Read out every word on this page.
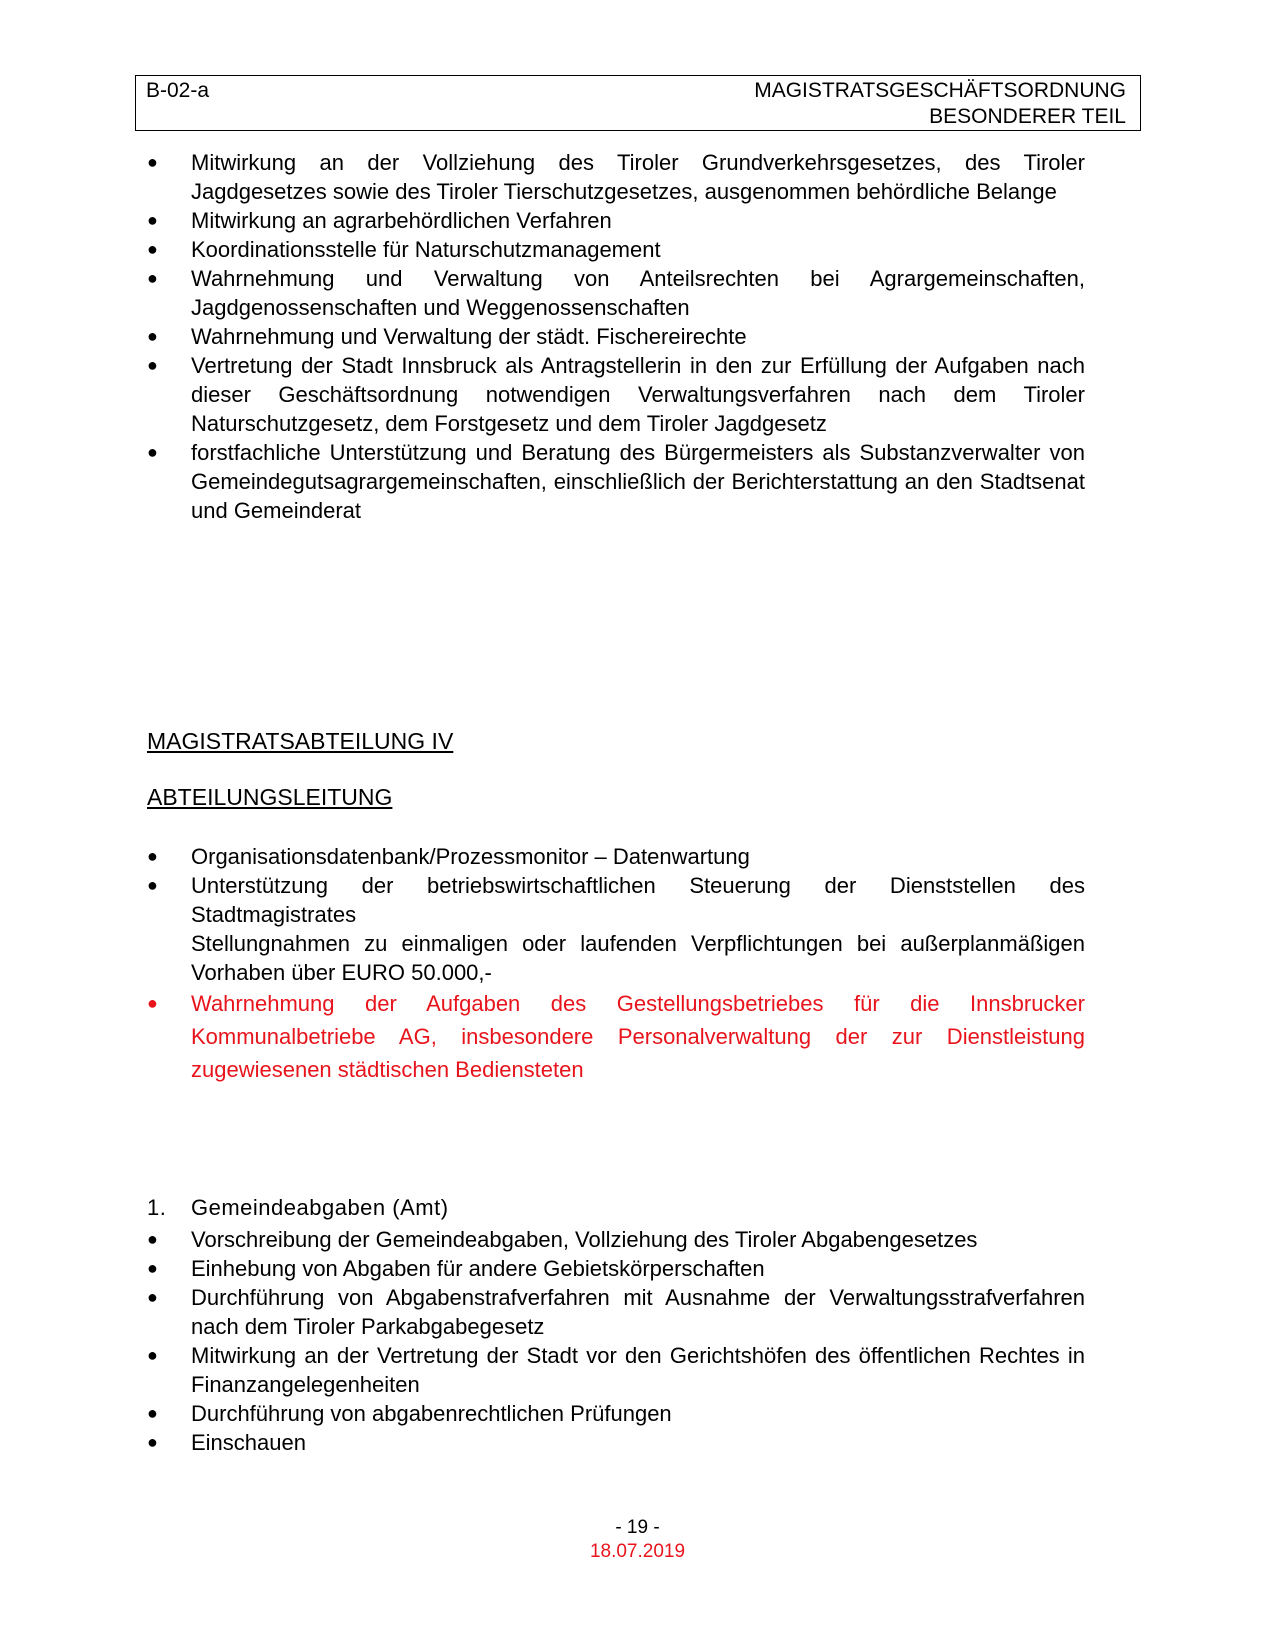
B-02-a	MAGISTRATSGESCHÄFTSORDNUNG
BESONDERER TEIL
● Mitwirkung an der Vollziehung des Tiroler Grundverkehrsgesetzes, des Tiroler Jagdgesetzes sowie des Tiroler Tierschutzgesetzes, ausgenommen behördliche Belange
● Mitwirkung an agrarbehördlichen Verfahren
● Koordinationsstelle für Naturschutzmanagement
● Wahrnehmung und Verwaltung von Anteilsrechten bei Agrargemeinschaften, Jagdgenossenschaften und Weggenossenschaften
● Wahrnehmung und Verwaltung der städt. Fischereirechte
● Vertretung der Stadt Innsbruck als Antragstellerin in den zur Erfüllung der Aufgaben nach dieser Geschäftsordnung notwendigen Verwaltungsverfahren nach dem Tiroler Naturschutzgesetz, dem Forstgesetz und dem Tiroler Jagdgesetz
● forstfachliche Unterstützung und Beratung des Bürgermeisters als Substanzverwalter von Gemeindegutsagrargemeinschaften, einschließlich der Berichterstattung an den Stadtsenat und Gemeinderat
MAGISTRATSABTEILUNG IV
ABTEILUNGSLEITUNG
● Organisationsdatenbank/Prozessmonitor – Datenwartung
● Unterstützung der betriebswirtschaftlichen Steuerung der Dienststellen des Stadtmagistrates
Stellungnahmen zu einmaligen oder laufenden Verpflichtungen bei außerplanmäßigen Vorhaben über EURO 50.000,-
● Wahrnehmung der Aufgaben des Gestellungsbetriebes für die Innsbrucker Kommunalbetriebe AG, insbesondere Personalverwaltung der zur Dienstleistung zugewiesenen städtischen Bediensteten
1. Gemeindeabgaben (Amt)
● Vorschreibung der Gemeindeabgaben, Vollziehung des Tiroler Abgabengesetzes
● Einhebung von Abgaben für andere Gebietskörperschaften
● Durchführung von Abgabenstrafverfahren mit Ausnahme der Verwaltungsstrafverfahren nach dem Tiroler Parkabgabegesetz
● Mitwirkung an der Vertretung der Stadt vor den Gerichtshöfen des öffentlichen Rechtes in Finanzangelegenheiten
● Durchführung von abgabenrechtlichen Prüfungen
● Einschauen
- 19 -
18.07.2019
